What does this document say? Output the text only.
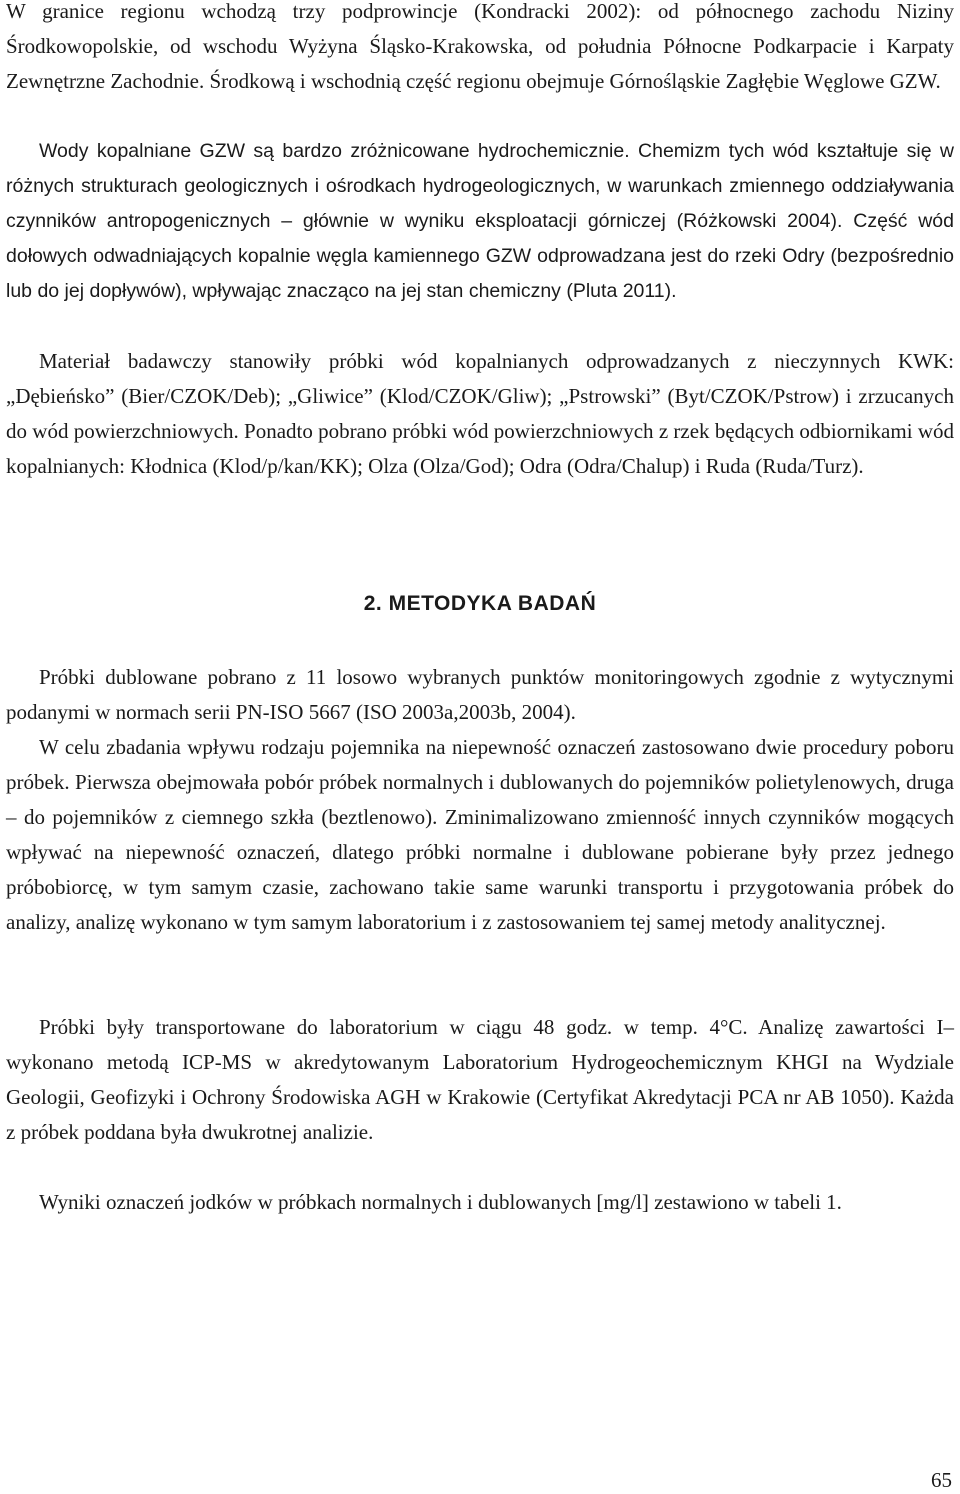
W granice regionu wchodzą trzy podprowincje (Kondracki 2002): od północnego zachodu Niziny Środkowopolskie, od wschodu Wyżyna Śląsko-Krakowska, od południa Północne Podkarpacie i Karpaty Zewnętrzne Zachodnie. Środkową i wschodnią część regionu obejmuje Górnośląskie Zagłębie Węglowe GZW.

Wody kopalniane GZW są bardzo zróżnicowane hydrochemicznie. Chemizm tych wód kształtuje się w różnych strukturach geologicznych i ośrodkach hydrogeologicznych, w warunkach zmiennego oddziaływania czynników antropogenicznych – głównie w wyniku eksploatacji górniczej (Różkowski 2004). Część wód dołowych odwadniających kopalnie węgla kamiennego GZW odprowadzana jest do rzeki Odry (bezpośrednio lub do jej dopływów), wpływając znacząco na jej stan chemiczny (Pluta 2011).

Materiał badawczy stanowiły próbki wód kopalnianych odprowadzanych z nieczynnych KWK: „Dębieńsko” (Bier/CZOK/Deb); „Gliwice” (Klod/CZOK/Gliw); „Pstrowski” (Byt/CZOK/Pstrow) i zrzucanych do wód powierzchniowych. Ponadto pobrano próbki wód powierzchniowych z rzek będących odbiornikami wód kopalnianych: Kłodnica (Klod/p/kan/KK); Olza (Olza/God); Odra (Odra/Chalup) i Ruda (Ruda/Turz).

2. METODYKA BADAŃ

Próbki dublowane pobrano z 11 losowo wybranych punktów monitoringowych zgodnie z wytycznymi podanymi w normach serii PN-ISO 5667 (ISO 2003a,2003b, 2004).

W celu zbadania wpływu rodzaju pojemnika na niepewność oznaczeń zastosowano dwie procedury poboru próbek. Pierwsza obejmowała pobór próbek normalnych i dublowanych do pojemników polietylenowych, druga – do pojemników z ciemnego szkła (beztlenowo). Zminimalizowano zmienność innych czynników mogących wpływać na niepewność oznaczeń, dlatego próbki normalne i dublowane pobierane były przez jednego próbobiorcę, w tym samym czasie, zachowano takie same warunki transportu i przygotowania próbek do analizy, analizę wykonano w tym samym laboratorium i z zastosowaniem tej samej metody analitycznej.

Próbki były transportowane do laboratorium w ciągu 48 godz. w temp. 4°C. Analizę zawartości I– wykonano metodą ICP-MS w akredytowanym Laboratorium Hydrogeochemicznym KHGI na Wydziale Geologii, Geofizyki i Ochrony Środowiska AGH w Krakowie (Certyfikat Akredytacji PCA nr AB 1050). Każda z próbek poddana była dwukrotnej analizie.

Wyniki oznaczeń jodków w próbkach normalnych i dublowanych [mg/l] zestawiono w tabeli 1.

65
